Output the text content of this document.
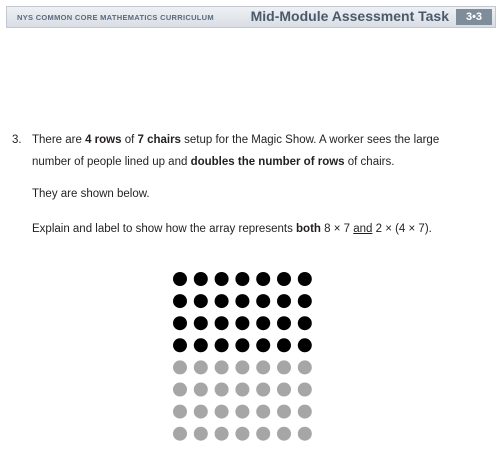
NYS COMMON CORE MATHEMATICS CURRICULUM	Mid-Module Assessment Task	3•3
3. There are 4 rows of 7 chairs setup for the Magic Show. A worker sees the large
number of people lined up and doubles the number of rows of chairs.
They are shown below.
Explain and label to show how the array represents both 8 × 7 and 2 × (4 × 7).
